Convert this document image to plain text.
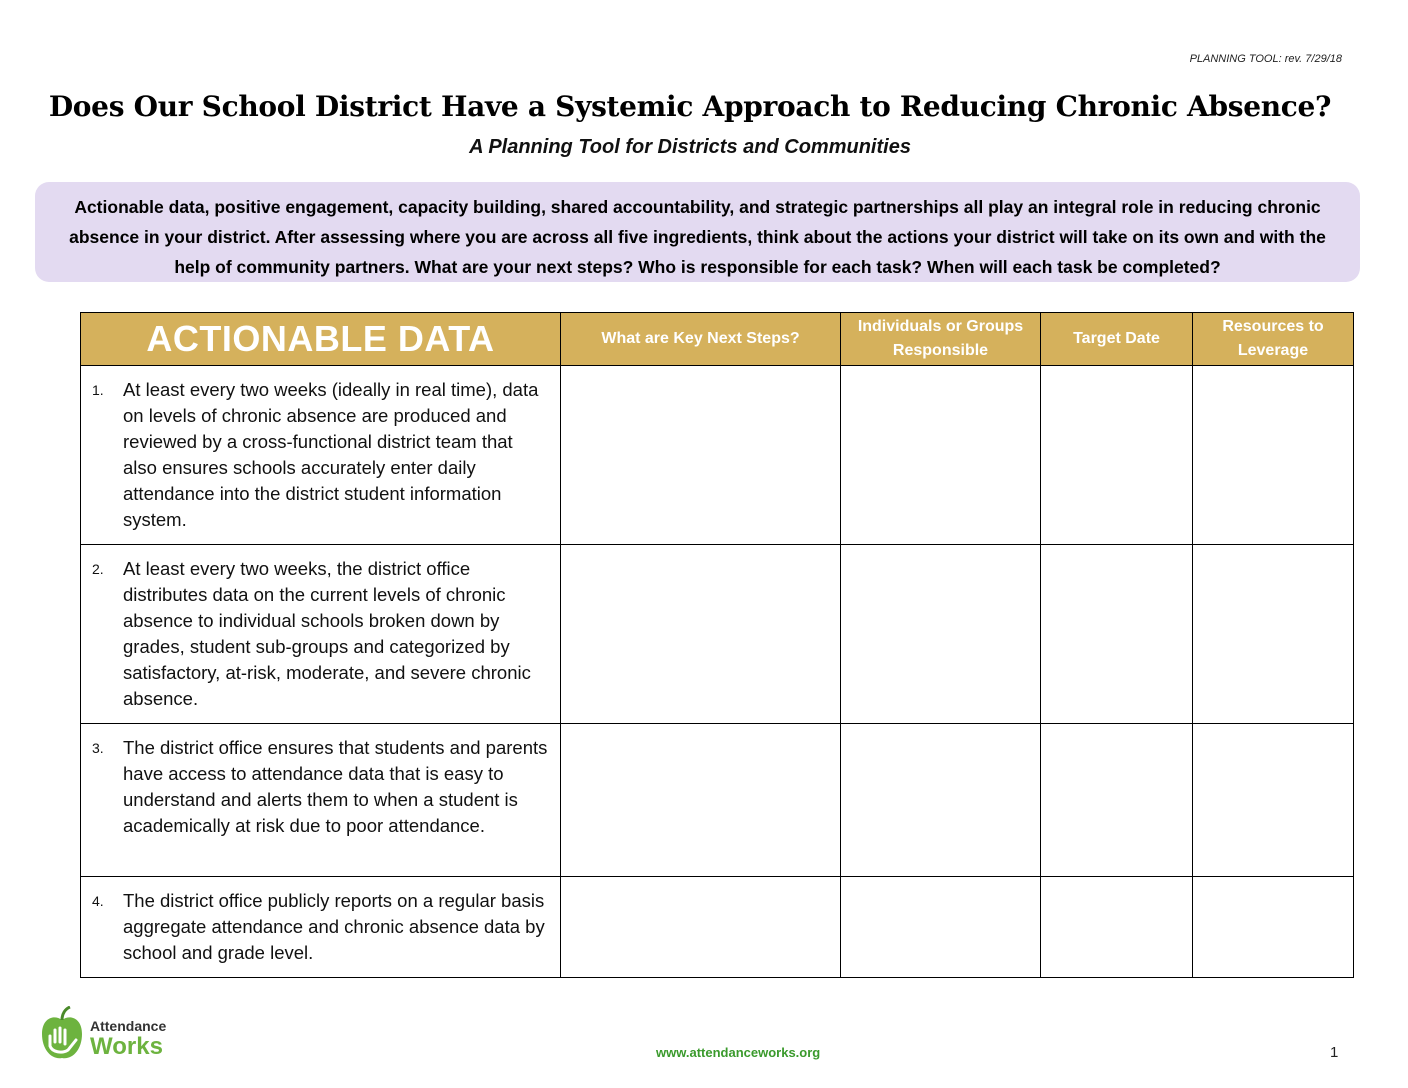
PLANNING TOOL: rev. 7/29/18
Does Our School District Have a Systemic Approach to Reducing Chronic Absence?
A Planning Tool for Districts and Communities
Actionable data, positive engagement, capacity building, shared accountability, and strategic partnerships all play an integral role in reducing chronic absence in your district. After assessing where you are across all five ingredients, think about the actions your district will take on its own and with the help of community partners. What are your next steps? Who is responsible for each task? When will each task be completed?
ACTIONABLE DATA	What are Key Next Steps?	Individuals or Groups Responsible	Target Date	Resources to Leverage

1. At least every two weeks (ideally in real time), data on levels of chronic absence are produced and reviewed by a cross-functional district team that also ensures schools accurately enter daily attendance into the district student information system.				

2. At least every two weeks, the district office distributes data on the current levels of chronic absence to individual schools broken down by grades, student sub-groups and categorized by satisfactory, at-risk, moderate, and severe chronic absence.				

3. The district office ensures that students and parents have access to attendance data that is easy to understand and alerts them to when a student is academically at risk due to poor attendance.				

4. The district office publicly reports on a regular basis aggregate attendance and chronic absence data by school and grade level.				

Attendance
Works	www.attendanceworks.org	1
